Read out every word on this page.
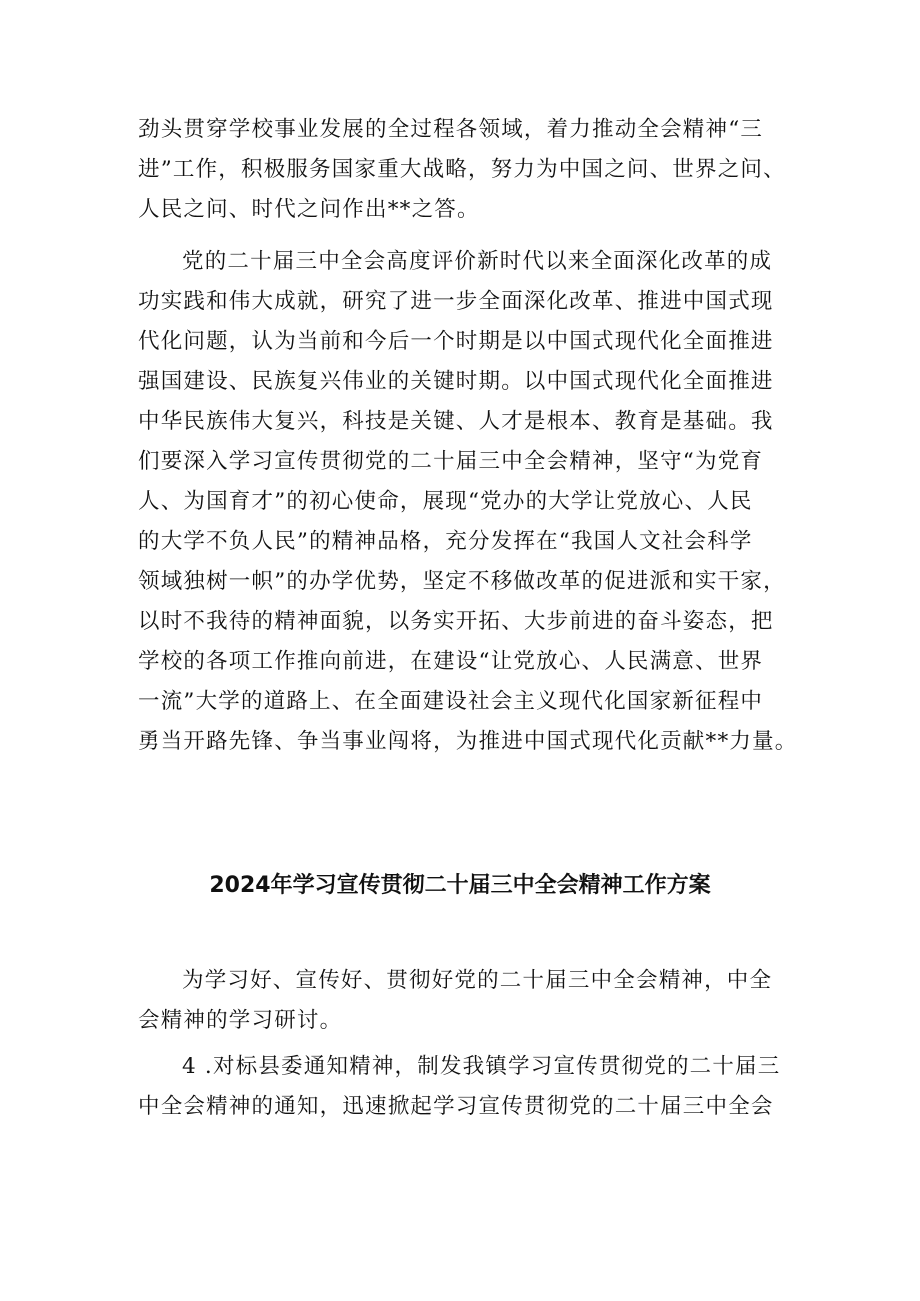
劲头贯穿学校事业发展的全过程各领域，着力推动全会精神“三
进”工作，积极服务国家重大战略，努力为中国之问、世界之问、
人民之问、时代之问作出**之答。
党的二十届三中全会高度评价新时代以来全面深化改革的成
功实践和伟大成就，研究了进一步全面深化改革、推进中国式现
代化问题，认为当前和今后一个时期是以中国式现代化全面推进
强国建设、民族复兴伟业的关键时期。以中国式现代化全面推进
中华民族伟大复兴，科技是关键、人才是根本、教育是基础。我
们要深入学习宣传贯彻党的二十届三中全会精神，坚守“为党育
人、为国育才”的初心使命，展现“党办的大学让党放心、人民
的大学不负人民”的精神品格，充分发挥在“我国人文社会科学
领域独树一帜”的办学优势，坚定不移做改革的促进派和实干家，
以时不我待的精神面貌，以务实开拓、大步前进的奋斗姿态，把
学校的各项工作推向前进，在建设“让党放心、人民满意、世界
一流”大学的道路上、在全面建设社会主义现代化国家新征程中
勇当开路先锋、争当事业闯将，为推进中国式现代化贡献**力量。
2024年学习宣传贯彻二十届三中全会精神工作方案
为学习好、宣传好、贯彻好党的二十届三中全会精神，中全
会精神的学习研讨。
4 .对标县委通知精神，制发我镇学习宣传贯彻党的二十届三
中全会精神的通知，迅速掀起学习宣传贯彻党的二十届三中全会
